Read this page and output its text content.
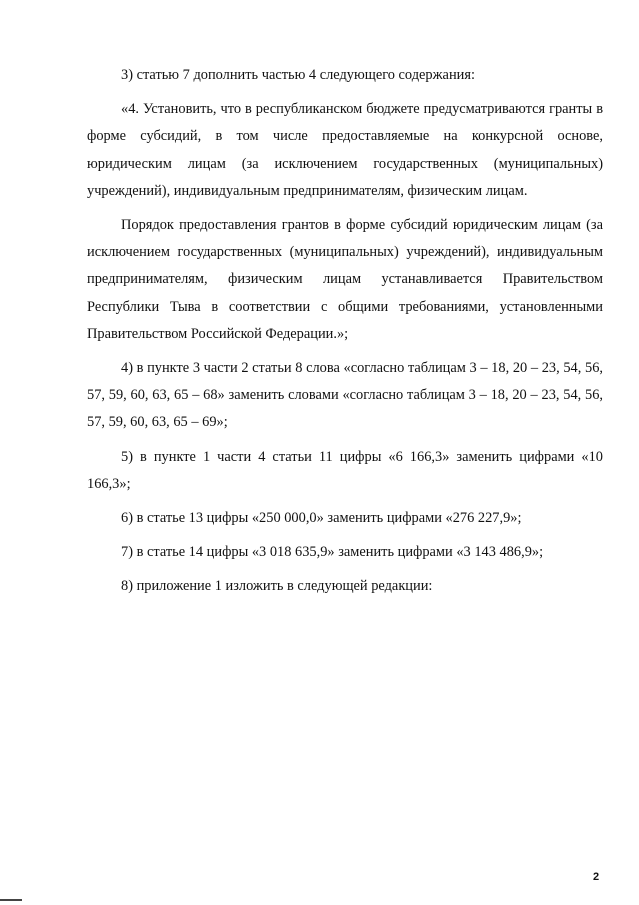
3) статью 7 дополнить частью 4 следующего содержания:

«4. Установить, что в республиканском бюджете предусматриваются гранты в форме субсидий, в том числе предоставляемые на конкурсной основе, юридическим лицам (за исключением государственных (муниципальных) учреждений), индивидуальным предпринимателям, физическим лицам.

Порядок предоставления грантов в форме субсидий юридическим лицам (за исключением государственных (муниципальных) учреждений), индивидуальным предпринимателям, физическим лицам устанавливается Правительством Республики Тыва в соответствии с общими требованиями, установленными Правительством Российской Федерации.»;

4) в пункте 3 части 2 статьи 8 слова «согласно таблицам 3 – 18, 20 – 23, 54, 56, 57, 59, 60, 63, 65 – 68» заменить словами «согласно таблицам 3 – 18, 20 – 23, 54, 56, 57, 59, 60, 63, 65 – 69»;

5) в пункте 1 части 4 статьи 11 цифры «6 166,3» заменить цифрами «10 166,3»;

6) в статье 13 цифры «250 000,0» заменить цифрами «276 227,9»;

7) в статье 14 цифры «3 018 635,9» заменить цифрами «3 143 486,9»;

8) приложение 1 изложить в следующей редакции:

2
